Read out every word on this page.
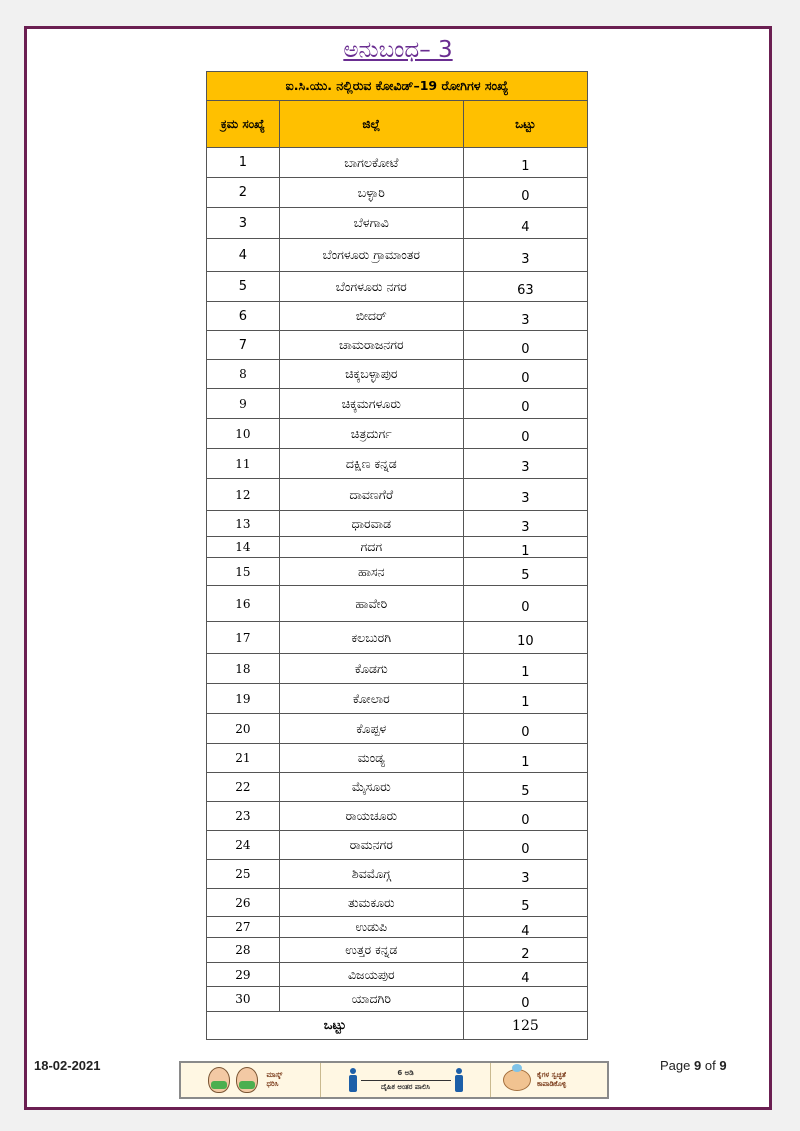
ಅನುಬಂಧ– 3
ಐ.ಸಿ.ಯು. ನಲ್ಲಿರುವ ಕೋವಿಡ್–19 ರೋಗಿಗಳ ಸಂಖ್ಯೆ		
ಕ್ರಮ ಸಂಖ್ಯೆ	ಜಿಲ್ಲೆ	ಒಟ್ಟು
1	ಬಾಗಲಕೋಟೆ	1
2	ಬಳ್ಳಾರಿ	0
3	ಬೆಳಗಾವಿ	4
4	ಬೆಂಗಳೂರು ಗ್ರಾಮಾಂತರ	3
5	ಬೆಂಗಳೂರು ನಗರ	63
6	ಬೀದರ್	3
7	ಚಾಮರಾಜನಗರ	0
8	ಚಿಕ್ಕಬಳ್ಳಾಪುರ	0
9	ಚಿಕ್ಕಮಗಳೂರು	0
10	ಚಿತ್ರದುರ್ಗ	0
11	ದಕ್ಷಿಣ ಕನ್ನಡ	3
12	ದಾವಣಗೆರೆ	3
13	ಧಾರವಾಡ	3
14	ಗದಗ	1
15	ಹಾಸನ	5
16	ಹಾವೇರಿ	0
17	ಕಲಬುರಗಿ	10
18	ಕೊಡಗು	1
19	ಕೋಲಾರ	1
20	ಕೊಪ್ಪಳ	0
21	ಮಂಡ್ಯ	1
22	ಮೈಸೂರು	5
23	ರಾಯಚೂರು	0
24	ರಾಮನಗರ	0
25	ಶಿವಮೊಗ್ಗ	3
26	ತುಮಕೂರು	5
27	ಉಡುಪಿ	4
28	ಉತ್ತರ ಕನ್ನಡ	2
29	ವಿಜಯಪುರ	4
30	ಯಾದಗಿರಿ	0
ಒಟ್ಟು		125
ಮಾಸ್ಕ್ ಧರಿಸಿ
6 ಅಡಿ
ದೈಹಿಕ ಅಂತರ ಪಾಲಿಸಿ
ಕೈಗಳ ಸ್ವಚ್ಛತೆ ಕಾಪಾಡಿಕೊಳ್ಳಿ
18-02-2021	Page 9 of 9
